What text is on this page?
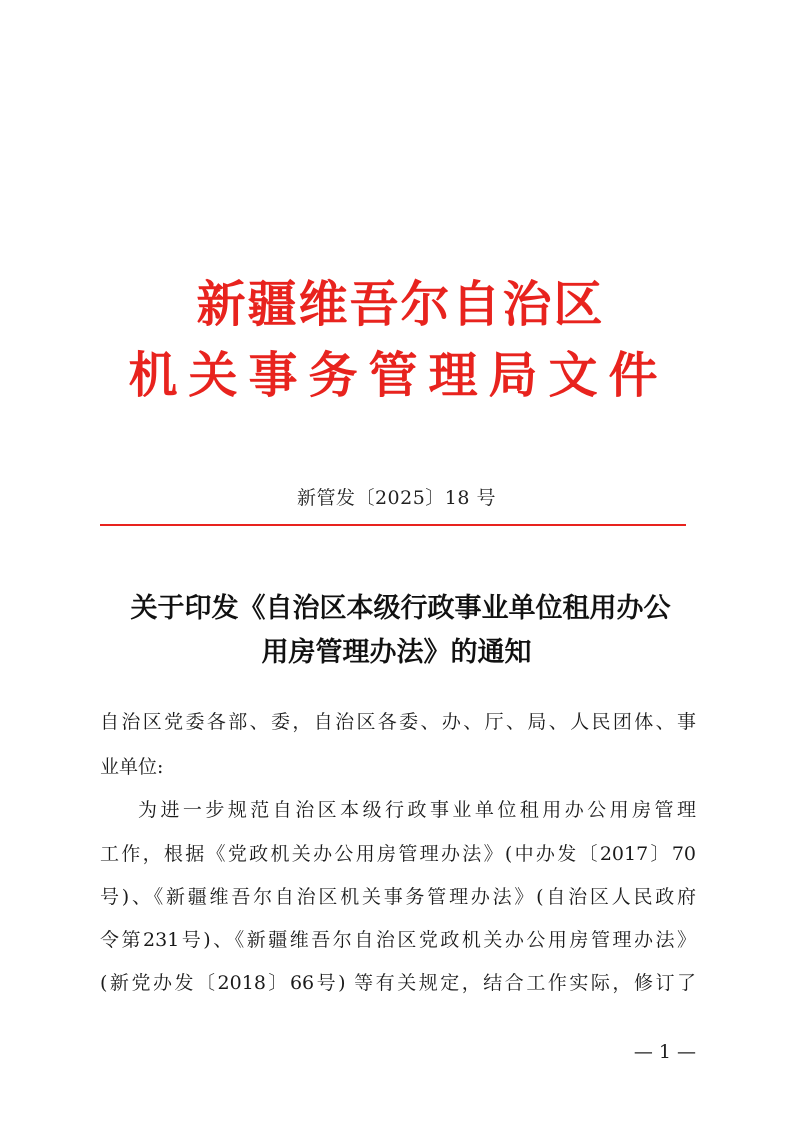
新疆维吾尔自治区
机关事务管理局文件
新管发〔2025〕18 号
关于印发《自治区本级行政事业单位租用办公
用房管理办法》的通知
自治区党委各部、委，自治区各委、办、厅、局、人民团体、事
业单位:
为进一步规范自治区本级行政事业单位租用办公用房管理
工作，根据《党政机关办公用房管理办法》(中办发〔2017〕70
号)、《新疆维吾尔自治区机关事务管理办法》(自治区人民政府
令第231号)、《新疆维吾尔自治区党政机关办公用房管理办法》
(新党办发〔2018〕66号) 等有关规定，结合工作实际，修订了
— 1 —
